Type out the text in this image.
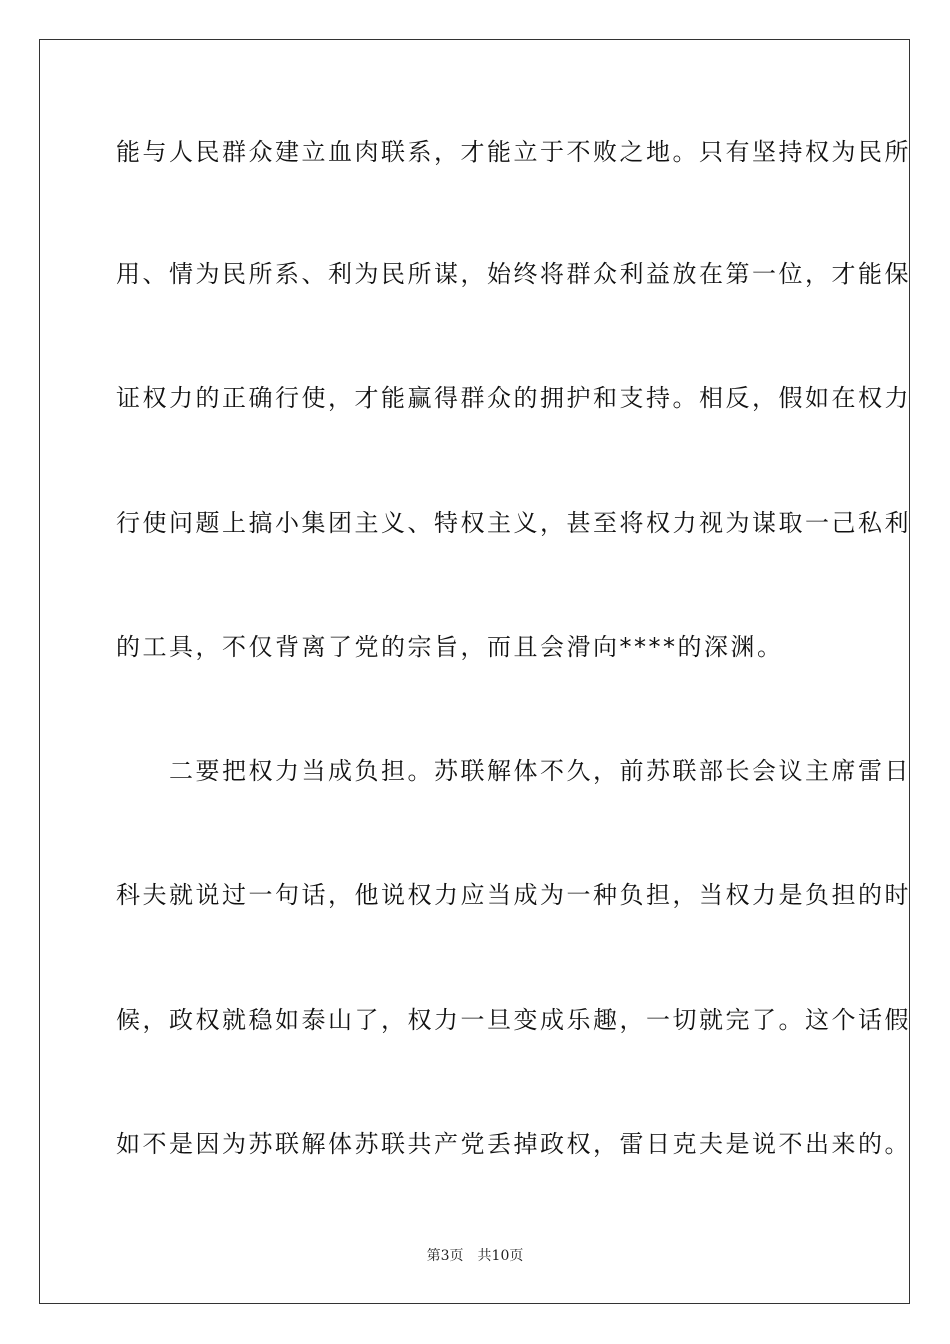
能与人民群众建立血肉联系，才能立于不败之地。只有坚持权为民所
用、情为民所系、利为民所谋，始终将群众利益放在第一位，才能保
证权力的正确行使，才能赢得群众的拥护和支持。相反，假如在权力
行使问题上搞小集团主义、特权主义，甚至将权力视为谋取一己私利
的工具，不仅背离了党的宗旨，而且会滑向****的深渊。
　　二要把权力当成负担。苏联解体不久，前苏联部长会议主席雷日
科夫就说过一句话，他说权力应当成为一种负担，当权力是负担的时
候，政权就稳如泰山了，权力一旦变成乐趣，一切就完了。这个话假
如不是因为苏联解体苏联共产党丢掉政权，雷日克夫是说不出来的。
第3页 共10页
